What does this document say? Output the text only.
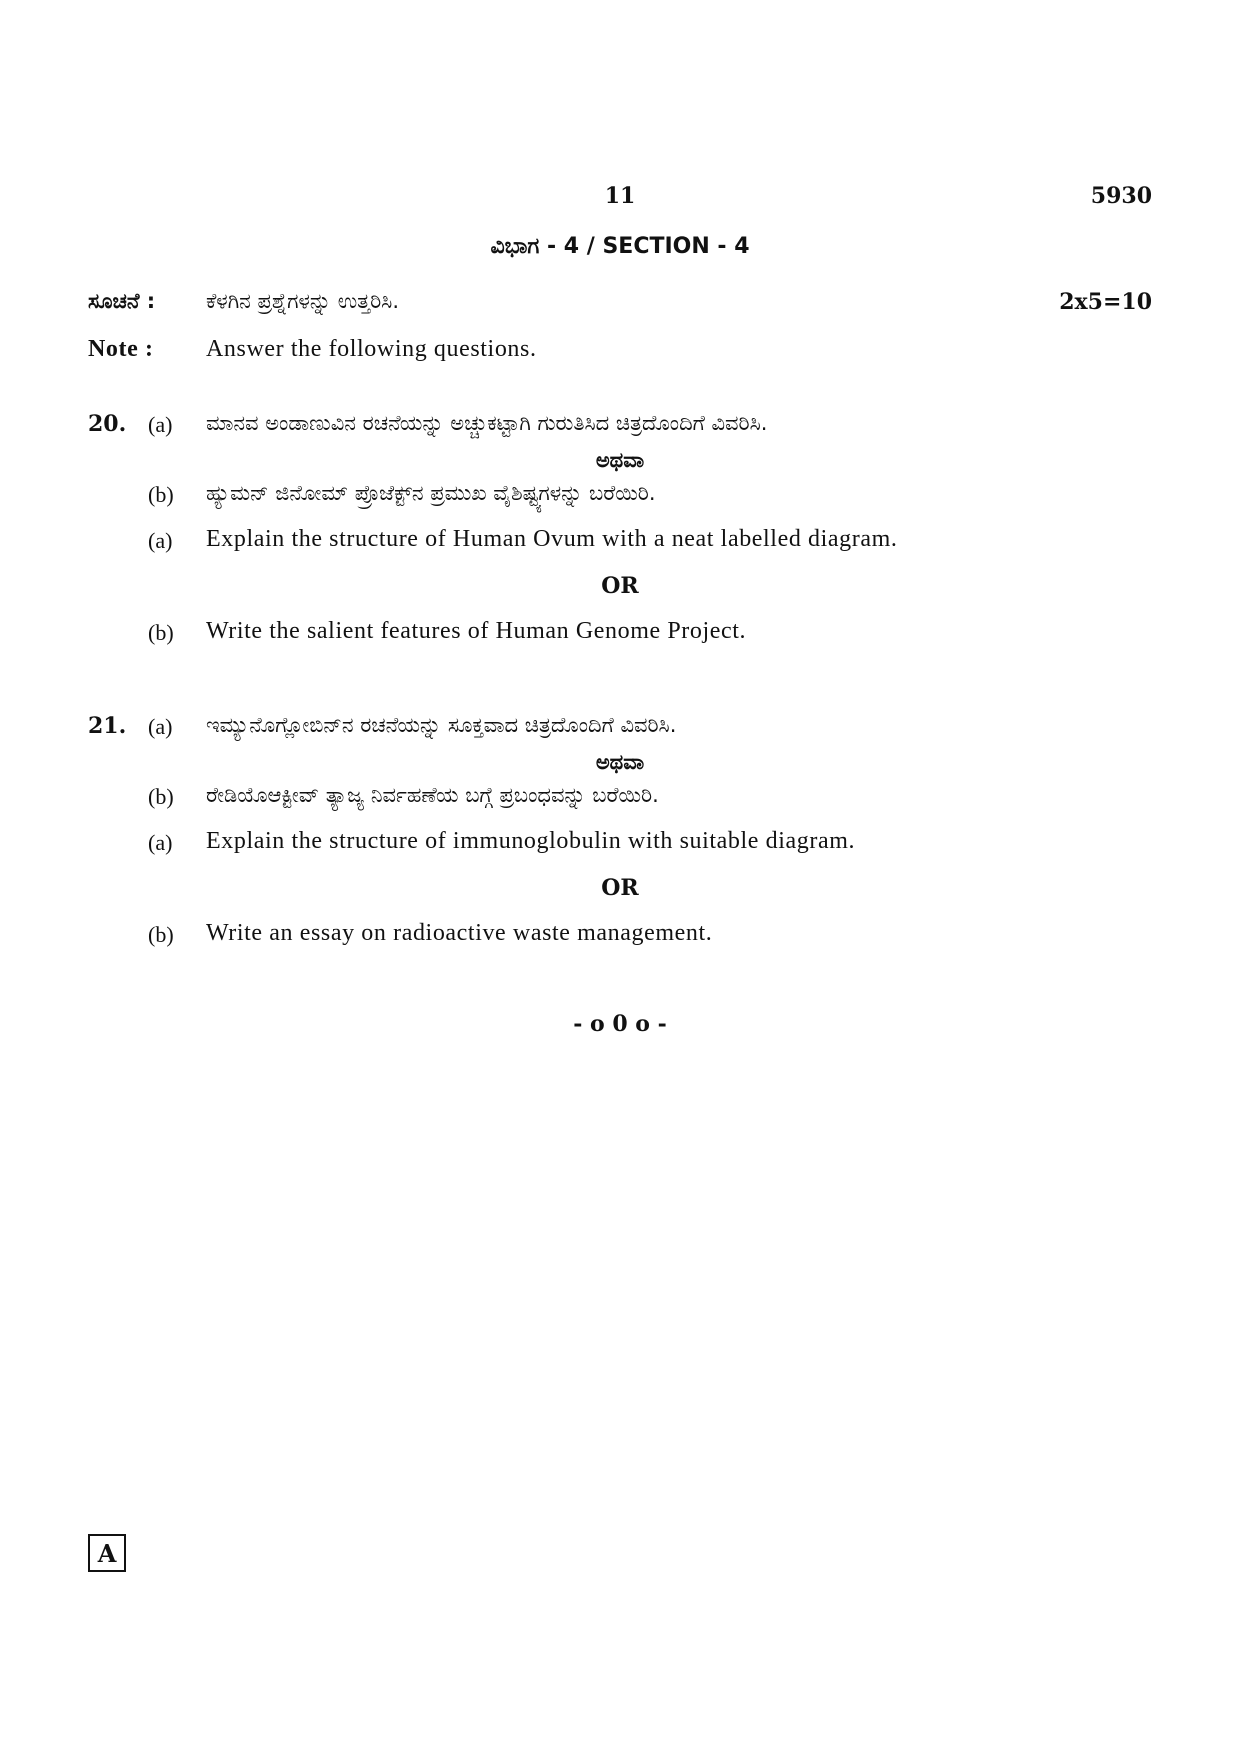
11	5930
ವಿಭಾಗ - 4 / SECTION - 4
ಸೂಚನೆ : ಕೆಳಗಿನ ಪ್ರಶ್ನೆಗಳನ್ನು ಉತ್ತರಿಸಿ.	2x5=10
Note : Answer the following questions.
20. (a) ಮಾನವ ಅಂಡಾಣುವಿನ ರಚನೆಯನ್ನು ಅಚ್ಚುಕಟ್ಟಾಗಿ ಗುರುತಿಸಿದ ಚಿತ್ರದೊಂದಿಗೆ ವಿವರಿಸಿ.
ಅಥವಾ
(b) ಹ್ಯುಮನ್ ಜಿನೋಮ್ ಪ್ರೊಜೆಕ್ಟ್‌ನ ಪ್ರಮುಖ ವೈಶಿಷ್ಟ್ಯಗಳನ್ನು ಬರೆಯಿರಿ.
(a) Explain the structure of Human Ovum with a neat labelled diagram.
OR
(b) Write the salient features of Human Genome Project.
21. (a) ಇಮ್ಯುನೊಗ್ಲೋಬಿನ್‌ನ ರಚನೆಯನ್ನು ಸೂಕ್ತವಾದ ಚಿತ್ರದೊಂದಿಗೆ ವಿವರಿಸಿ.
ಅಥವಾ
(b) ರೇಡಿಯೊಆಕ್ಟೀವ್ ತ್ಯಾಜ್ಯ ನಿರ್ವಹಣೆಯ ಬಗ್ಗೆ ಪ್ರಬಂಧವನ್ನು ಬರೆಯಿರಿ.
(a) Explain the structure of immunoglobulin with suitable diagram.
OR
(b) Write an essay on radioactive waste management.
- o 0 o -
A
